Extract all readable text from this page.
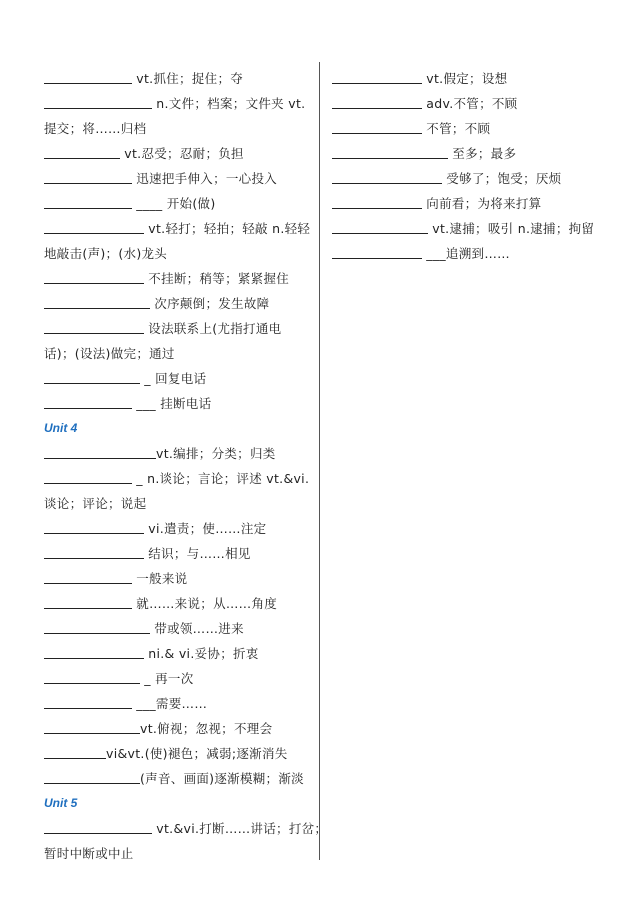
vt.抓住；捉住；夺
n.文件；档案；文件夹 vt.
提交；将……归档
vt.忍受；忍耐；负担
迅速把手伸入；一心投入
____ 开始(做)
vt.轻打；轻拍；轻敲 n.轻轻
地敲击(声)；(水)龙头
不挂断；稍等；紧紧握住
次序颠倒；发生故障
设法联系上(尤指打通电
话)；(设法)做完；通过
_ 回复电话
___ 挂断电话
Unit 4
vt.编排；分类；归类
_ n.谈论；言论；评述 vt.&vi.
谈论；评论；说起
vi.遣责；使……注定
结识；与……相见
一般来说
就……来说；从……角度
带或领……进来
ni.& vi.妥协；折衷
_ 再一次
___需要……
vt.俯视；忽视；不理会
vi&vt.(使)褪色；减弱;逐渐消失
(声音、画面)逐渐模糊；渐淡
Unit 5
vt.&vi.打断……讲话；打岔；
暂时中断或中止
vt.假定；设想
adv.不管；不顾
不管；不顾
至多；最多
受够了；饱受；厌烦
向前看；为将来打算
vt.逮捕；吸引 n.逮捕；拘留
___追溯到……
